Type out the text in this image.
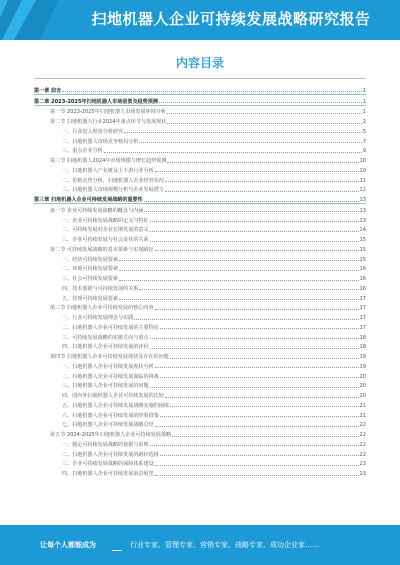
扫地机器人企业可持续发展战略研究报告
内容目录
第一章 前言	1
第二章 2023-2025年扫地机器人市场前景及趋势预测	1
第一节 2023-2025年扫地机器人市场发展环境分析	1
第二节 扫地机器人行业2024年重点环节与发展现状	2
一、行业进入壁垒分析研究	5
二、扫地机器人市场竞争格局分析	7
三、重点企业分析	9
第三节 扫地机器人2024年市场规模与增长趋势预测	10
一、扫地机器人产业链及上下游行业分析	10
二、价格走势分析，扫地机器人企业经营状况	11
三、扫地机器人市场规模分析与企业发展潜力	12
第三章 扫地机器人企业可持续发展战略的重要性	13
第一节 企业可持续发展战略的概念与内涵	13
一、企业可持续发展战略的定义与特征	13
二、可持续发展对企业长期发展的意义	14
三、企业可持续发展与社会责任的关系	15
第二节 可持续发展战略的基本要素与实现路径	15
一、经济可持续发展要素	15
二、环境可持续发展要素	16
三、社会可持续发展要素	16
四、技术创新与可持续发展的关系	16
五、管理可持续发展要素	17
第三节 扫地机器人企业可持续发展的核心内容	17
一、行业可持续发展理念与实践	17
二、扫地机器人企业可持续发展的主要特征	17
三、可持续发展战略的实施方向与重点	18
四、扫地机器人企业可持续发展的评价	18
第四节 扫地机器人企业可持续发展现状及存在的问题	19
一、扫地机器人企业可持续发展现状分析	19
二、扫地机器人企业可持续发展面临的挑战	20
三、扫地机器人企业可持续发展的问题	20
四、国内外扫地机器人企业可持续发展的比较	20
五、扫地机器人企业可持续发展战略实施的困境	21
六、扫地机器人企业可持续发展的经验借鉴	21
七、扫地机器人企业可持续发展战略总结	22
第五节 2024-2025年扫地机器人企业可持续发展战略	22
一、制定可持续发展战略的依据与原则	22
二、扫地机器人企业可持续发展的路径选择	22
三、企业可持续发展战略的保障体系建设	23
四、扫地机器人企业可持续发展前景展望	23
让每个人都能成为	行业专家、管理专家、营销专家、战略专家、成功企业家……
